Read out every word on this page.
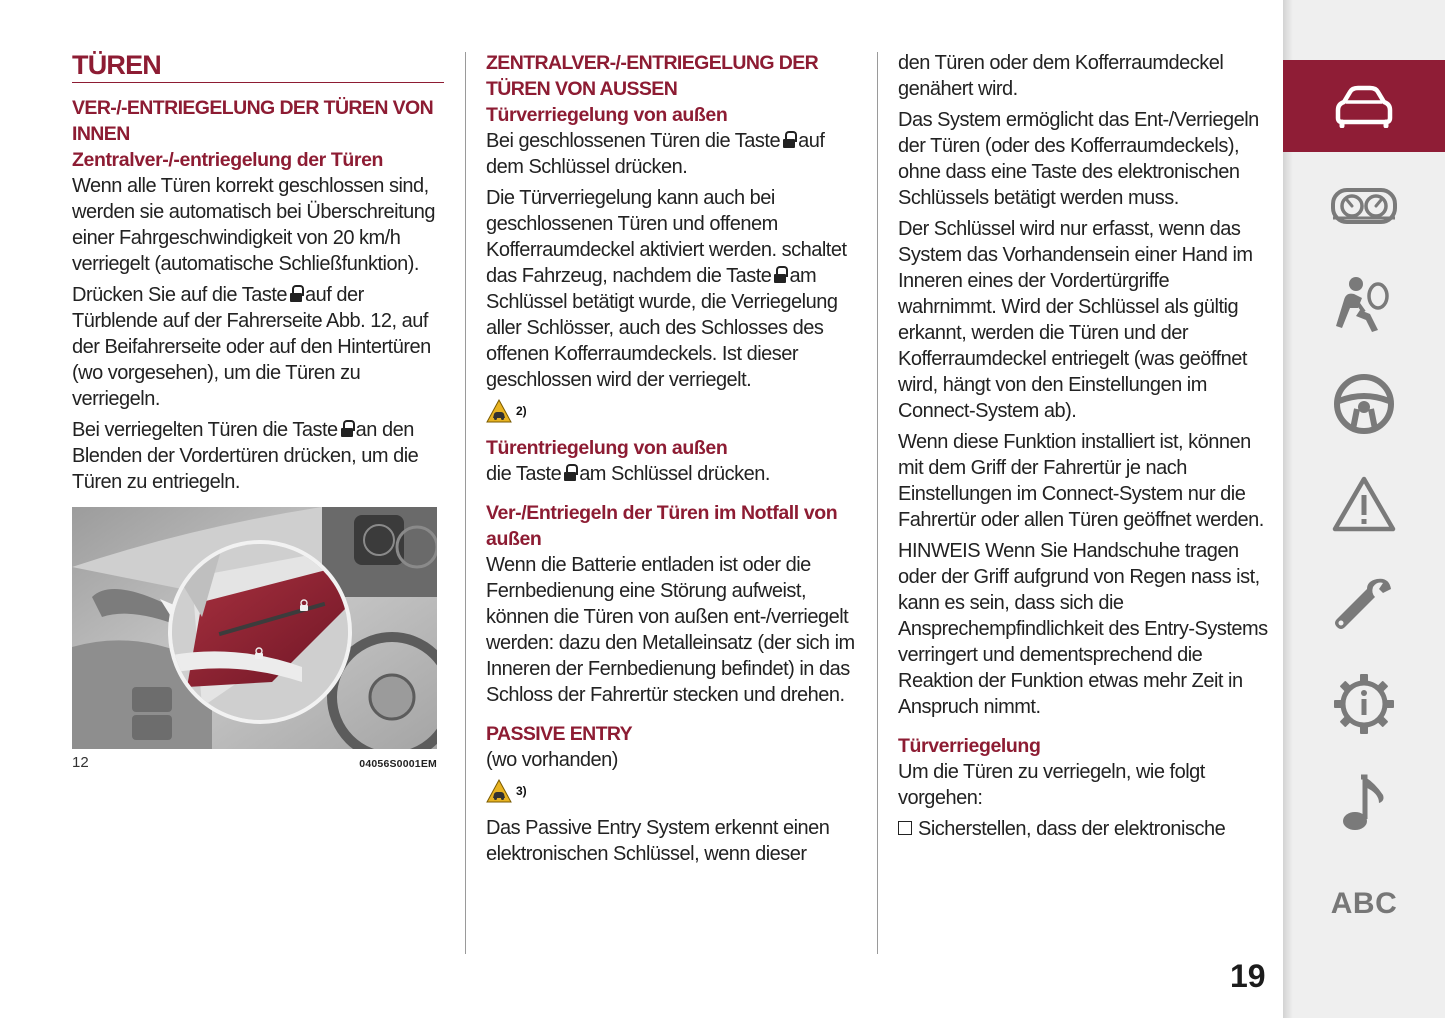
TÜREN
VER-/-ENTRIEGELUNG DER TÜREN VON INNEN
Zentralver-/-entriegelung der Türen
Wenn alle Türen korrekt geschlossen sind, werden sie automatisch bei Überschreitung einer Fahrgeschwindigkeit von 20 km/h verriegelt (automatische Schließfunktion).
Drücken Sie auf die Taste auf der Türblende auf der Fahrerseite Abb. 12, auf der Beifahrerseite oder auf den Hintertüren (wo vorgesehen), um die Türen zu verriegeln.
Bei verriegelten Türen die Taste an den Blenden der Vordertüren drücken, um die Türen zu entriegeln.
12	04056S0001EM
ZENTRALVER-/-ENTRIEGELUNG DER TÜREN VON AUSSEN
Türverriegelung von außen
Bei geschlossenen Türen die Taste auf dem Schlüssel drücken.
Die Türverriegelung kann auch bei geschlossenen Türen und offenem Kofferraumdeckel aktiviert werden. schaltet das Fahrzeug, nachdem die Taste am Schlüssel betätigt wurde, die Verriegelung aller Schlösser, auch des Schlosses des offenen Kofferraumdeckels. Ist dieser geschlossen wird der verriegelt.
2)
Türentriegelung von außen
die Taste am Schlüssel drücken.
Ver-/Entriegeln der Türen im Notfall von außen
Wenn die Batterie entladen ist oder die Fernbedienung eine Störung aufweist, können die Türen von außen ent-/verriegelt werden: dazu den Metalleinsatz (der sich im Inneren der Fernbedienung befindet) in das Schloss der Fahrertür stecken und drehen.
PASSIVE ENTRY
(wo vorhanden)
3)
Das Passive Entry System erkennt einen elektronischen Schlüssel, wenn dieser
den Türen oder dem Kofferraumdeckel genähert wird.
Das System ermöglicht das Ent-/Verriegeln der Türen (oder des Kofferraumdeckels), ohne dass eine Taste des elektronischen Schlüssels betätigt werden muss.
Der Schlüssel wird nur erfasst, wenn das System das Vorhandensein einer Hand im Inneren eines der Vordertürgriffe wahrnimmt. Wird der Schlüssel als gültig erkannt, werden die Türen und der Kofferraumdeckel entriegelt (was geöffnet wird, hängt von den Einstellungen im Connect-System ab).
Wenn diese Funktion installiert ist, können mit dem Griff der Fahrertür je nach Einstellungen im Connect-System nur die Fahrertür oder allen Türen geöffnet werden.
HINWEIS Wenn Sie Handschuhe tragen oder der Griff aufgrund von Regen nass ist, kann es sein, dass sich die Ansprechempfindlichkeit des Entry-Systems verringert und dementsprechend die Reaktion der Funktion etwas mehr Zeit in Anspruch nimmt.
Türverriegelung
Um die Türen zu verriegeln, wie folgt vorgehen:
Sicherstellen, dass der elektronische
19
ABC
